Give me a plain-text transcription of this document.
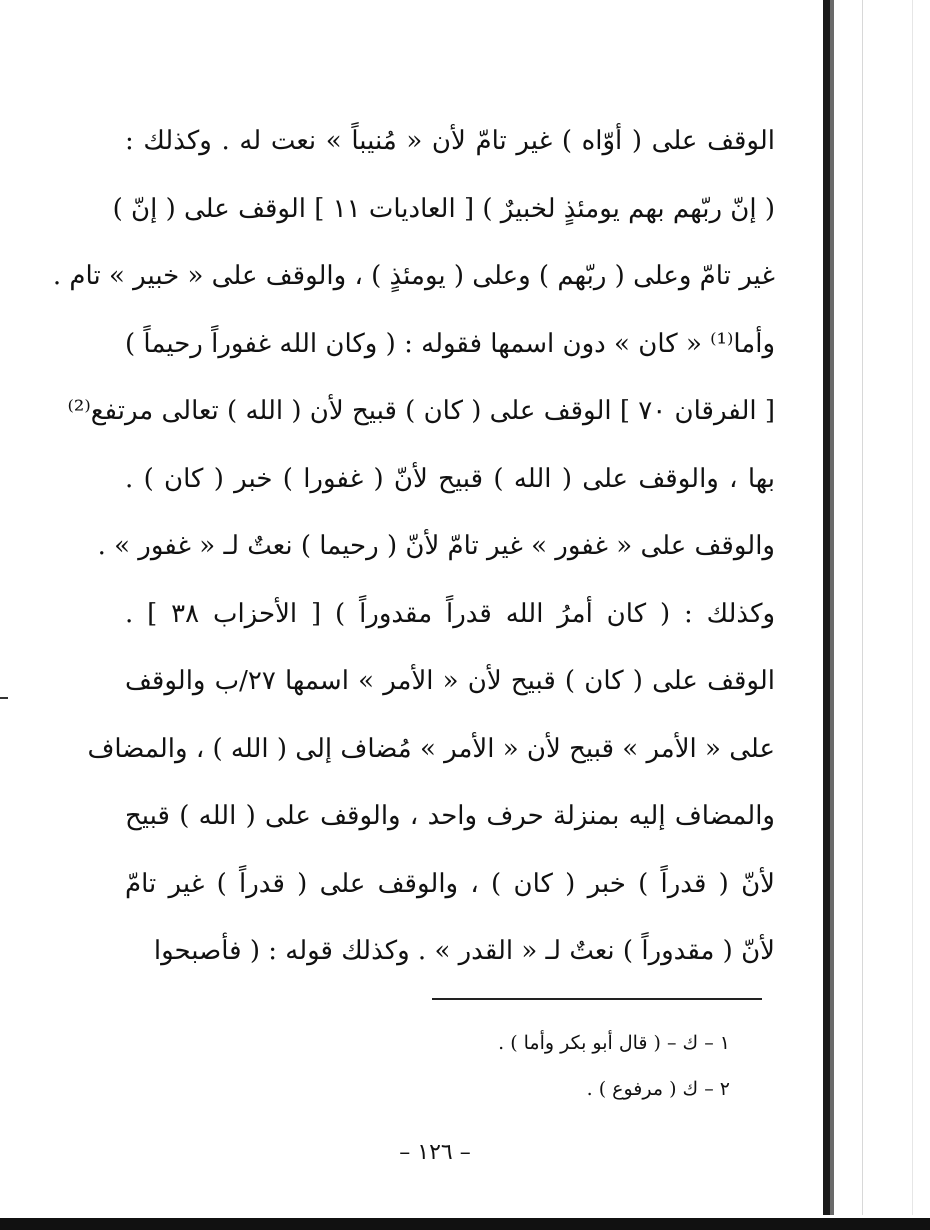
الوقف على ( أوّاه ) غير تامّ لأن « مُنيباً » نعت له . وكذلك :
( إنّ ربّهم بهم يومئذٍ لخبيرٌ ) [ العاديات ١١ ] الوقف على ( إنّ )
غير تامّ وعلى ( ربّهم ) وعلى ( يومئذٍ ) ، والوقف على « خبير » تام .
وأما⁽¹⁾ « كان » دون اسمها فقوله : ( وكان الله غفوراً رحيماً )
[ الفرقان ٧٠ ] الوقف على ( كان ) قبيح لأن ( الله ) تعالى مرتفع⁽²⁾
بها ، والوقف على ( الله ) قبيح لأنّ ( غفورا ) خبر ( كان ) .
والوقف على « غفور » غير تامّ لأنّ ( رحيما ) نعتٌ لـ « غفور » .
وكذلك : ( كان أمرُ الله قدراً مقدوراً ) [ الأحزاب ٣٨ ] .
الوقف على ( كان ) قبيح لأن « الأمر » اسمها ٢٧/ب والوقف
على « الأمر » قبيح لأن « الأمر » مُضاف إلى ( الله ) ، والمضاف
والمضاف إليه بمنزلة حرف واحد ، والوقف على ( الله ) قبيح
لأنّ ( قدراً ) خبر ( كان ) ، والوقف على ( قدراً ) غير تامّ
لأنّ ( مقدوراً ) نعتٌ لـ « القدر » . وكذلك قوله : ( فأصبحوا
١ – ك – ( قال أبو بكر وأما ) .
٢ – ك ( مرفوع ) .
– ١٢٦ –
